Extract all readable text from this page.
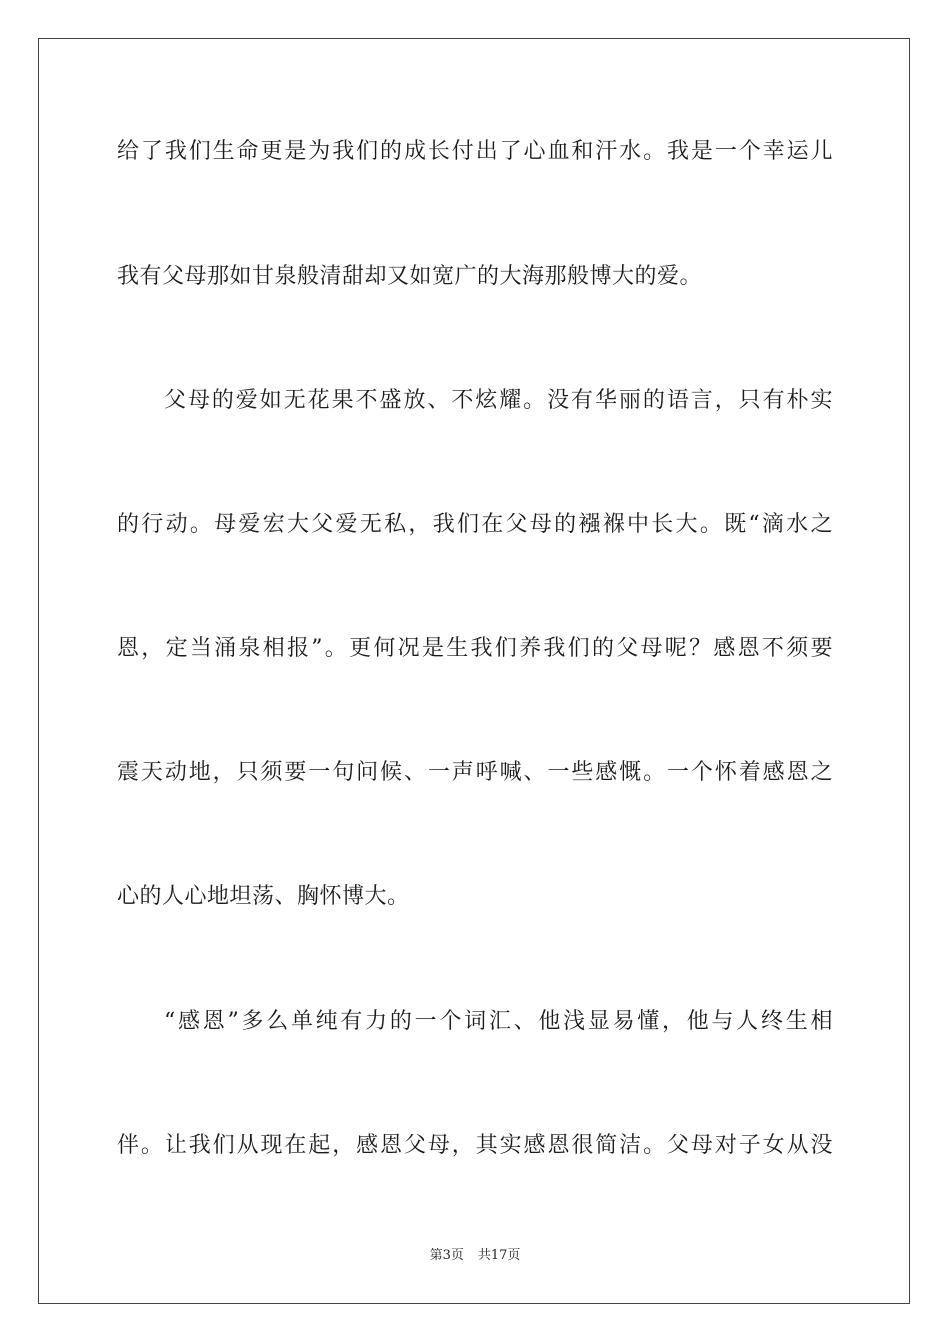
给了我们生命更是为我们的成长付出了心血和汗水。我是一个幸运儿
我有父母那如甘泉般清甜却又如宽广的大海那般博大的爱。
父母的爱如无花果不盛放、不炫耀。没有华丽的语言，只有朴实
的行动。母爱宏大父爱无私，我们在父母的襁褓中长大。既“滴水之
恩，定当涌泉相报”。更何况是生我们养我们的父母呢？感恩不须要
震天动地，只须要一句问候、一声呼喊、一些感慨。一个怀着感恩之
心的人心地坦荡、胸怀博大。
“感恩”多么单纯有力的一个词汇、他浅显易懂，他与人终生相
伴。让我们从现在起，感恩父母，其实感恩很简洁。父母对子女从没
第3页 共17页
